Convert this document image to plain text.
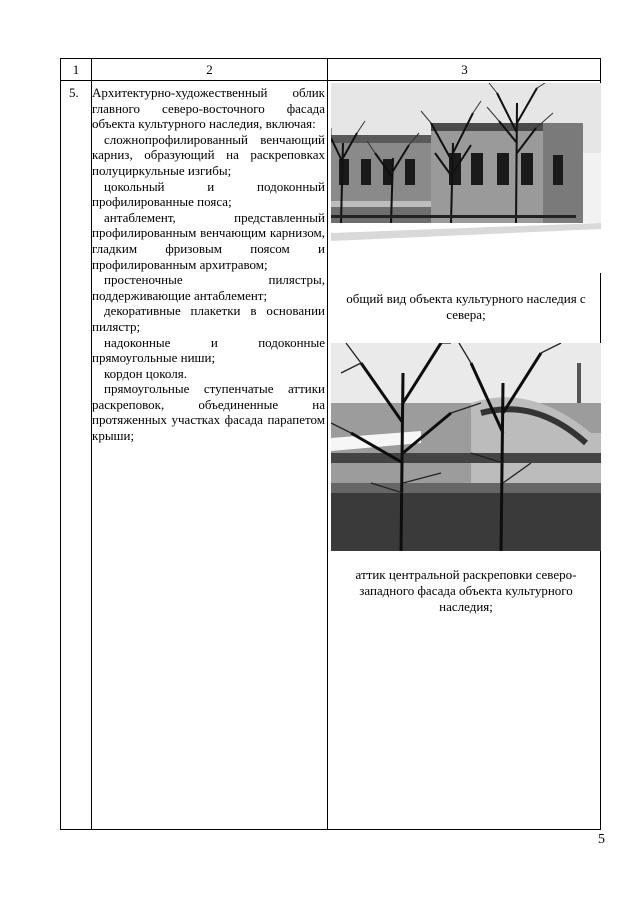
1	2	3
5. Архитектурно-художественный облик главного северо-восточного фасада объекта культурного наследия, включая:

сложнопрофилированный венчающий карниз, образующий на раскреповках полуциркульные изгибы;

цокольный и подоконный профилированные пояса;

антаблемент, представленный профилированным венчающим карнизом, гладким фризовым поясом и профилированным архитравом;

простеночные пилястры, поддерживающие антаблемент;

декоративные плакетки в основании пилястр;

надоконные и подоконные прямоугольные ниши;

кордон цоколя.

прямоугольные ступенчатые аттики раскреповок, объединенные на протяженных участках фасада парапетом крыши;

общий вид объекта культурного наследия с севера;
аттик центральной раскреповки северо-западного фасада объекта культурного наследия;
5
